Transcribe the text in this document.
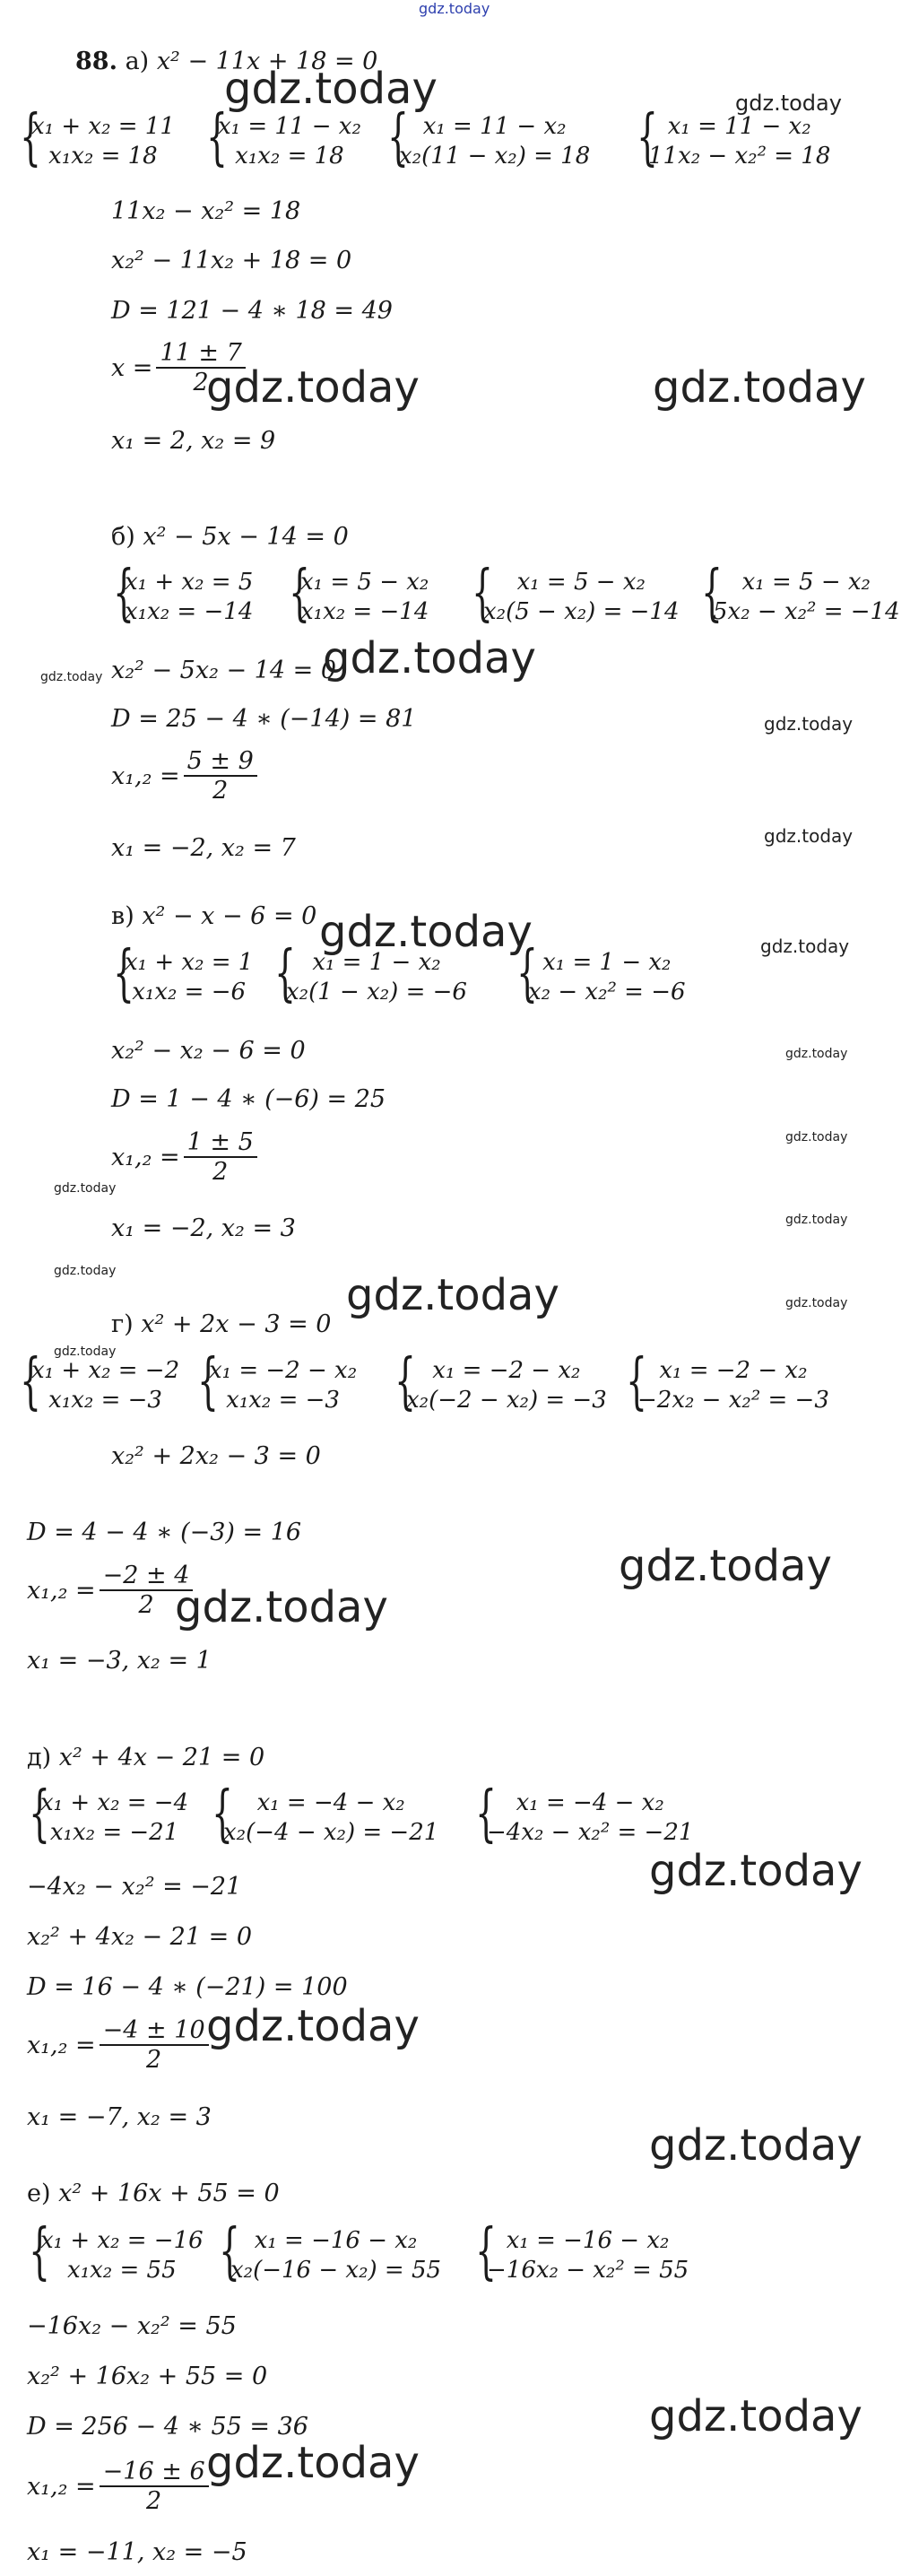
gdz.today
88. а) x² − 11x + 18 = 0
gdz.today	gdz.today
{
x₁ + x₂ = 11
x₁x₂ = 18 {
x₁ = 11 − x₂
x₁x₂ = 18 { x₁ = 11 − x₂
x₂(11 − x₂) = 18 { x₁ = 11 − x₂
11x₂ − x₂² = 18
11x₂ − x₂² = 18
x₂² − 11x₂ + 18 = 0
D = 121 − 4 ∗ 18 = 49
$x = \frac{11 \pm 7}{2}$
gdz.today	gdz.today
x₁ = 2, x₂ = 9
б) x² − 5x − 14 = 0
{
x₁ + x₂ = 5
x₁x₂ = −14 {
x₁ = 5 − x₂
x₁x₂ = −14 {	x₁ = 5 − x₂
x₂(5 − x₂) = −14 { x₁ = 5 − x₂
5x₂ − x₂² = −14
gdz.today x₂² − 5x₂ − 14 = 0
gdz.today
D = 25 − 4 ∗ (−14) = 81	gdz.today
$x_1,_2 = \frac{5 \pm 9}{2}$
x₁ = −2, x₂ = 7	gdz.today
в) x² − x − 6 = 0 gdz.today	gdz.today
{
x₁ + x₂ = 1
x₁x₂ = −6 { x₁ = 1 − x₂
x₂(1 − x₂) = −6 { x₁ = 1 − x₂
x₂ − x₂² = −6
x₂² − x₂ − 6 = 0	gdz.today
D = 1 − 4 ∗ (−6) = 25
gdz.today
$x_1,_2 = \frac{1 \pm 5}{2}$
gdz.today
x₁ = −2, x₂ = 3	gdz.today
gdz.today	gdz.today	gdz.today
г) x² + 2x − 3 = 0
gdz.today
{
x₁ + x₂ = −2
x₁x₂ = −3 {
x₁ = −2 − x₂
x₁x₂ = −3 { x₁ = −2 − x₂
x₂(−2 − x₂) = −3 { x₁ = −2 − x₂
−2x₂ − x₂² = −3
x₂² + 2x₂ − 3 = 0
D = 4 − 4 ∗ (−3) = 16
gdz.today
$x_1,_2 = \frac{-2 \pm 4}{2}$
gdz.today
x₁ = −3, x₂ = 1
д) x² + 4x − 21 = 0
{
x₁ + x₂ = −4
x₁x₂ = −21 {	x₁ = −4 − x₂
x₂(−4 − x₂) = −21 { x₁ = −4 − x₂
−4x₂ − x₂² = −21
gdz.today
−4x₂ − x₂² = −21
x₂² + 4x₂ − 21 = 0
D = 16 − 4 ∗ (−21) = 100
gdz.today
$x_1,_2 = \frac{-4 \pm 10}{2}$
x₁ = −7, x₂ = 3
gdz.today
е) x² + 16x + 55 = 0
{
x₁ + x₂ = −16
x₁x₂ = 55 { x₁ = −16 − x₂
x₂(−16 − x₂) = 55 { x₁ = −16 − x₂
−16x₂ − x₂² = 55
−16x₂ − x₂² = 55
x₂² + 16x₂ + 55 = 0
D = 256 − 4 ∗ 55 = 36	gdz.today
gdz.today
$x_1,_2 = \frac{-16 \pm 6}{2}$
x₁ = −11, x₂ = −5
